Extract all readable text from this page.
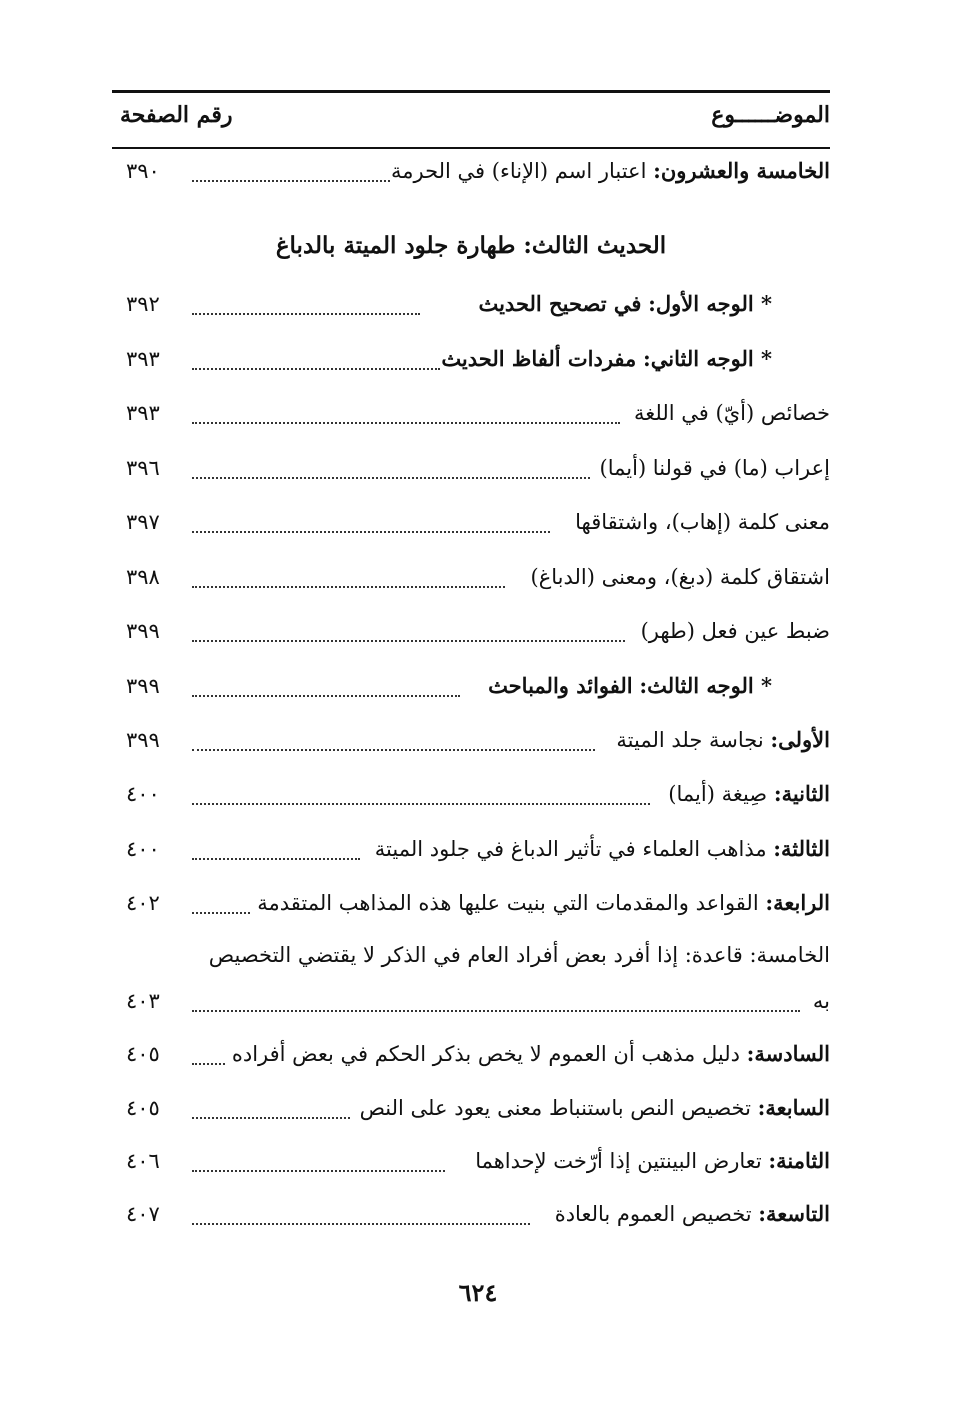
الموضــــــوع
رقم الصفحة
الخامسة والعشرون: اعتبار اسم (الإناء) في الحرمة
٣٩٠
الحديث الثالث: طهارة جلود الميتة بالدباغ
* الوجه الأول: في تصحيح الحديث
٣٩٢
* الوجه الثاني: مفردات ألفاظ الحديث
٣٩٣
خصائص (أيّ) في اللغة
٣٩٣
إعراب (ما) في قولنا (أيما)
٣٩٦
معنى كلمة (إهاب)، واشتقاقها
٣٩٧
اشتقاق كلمة (دبغ)، ومعنى (الدباغ)
٣٩٨
ضبط عين فعل (طهر)
٣٩٩
* الوجه الثالث: الفوائد والمباحث
٣٩٩
الأولى: نجاسة جلد الميتة
٣٩٩
الثانية: صِيغة (أيما)
٤٠٠
الثالثة: مذاهب العلماء في تأثير الدباغ في جلود الميتة
٤٠٠
الرابعة: القواعد والمقدمات التي بنيت عليها هذه المذاهب المتقدمة
٤٠٢
الخامسة: قاعدة: إذا أفرد بعض أفراد العام في الذكر لا يقتضي التخصيص
به
٤٠٣
السادسة: دليل مذهب أن العموم لا يخص بذكر الحكم في بعض أفراده
٤٠٥
السابعة: تخصيص النص باستنباط معنى يعود على النص
٤٠٥
الثامنة: تعارض البينتين إذا أرّخت لإحداهما
٤٠٦
التاسعة: تخصيص العموم بالعادة
٤٠٧
٦٢٤
